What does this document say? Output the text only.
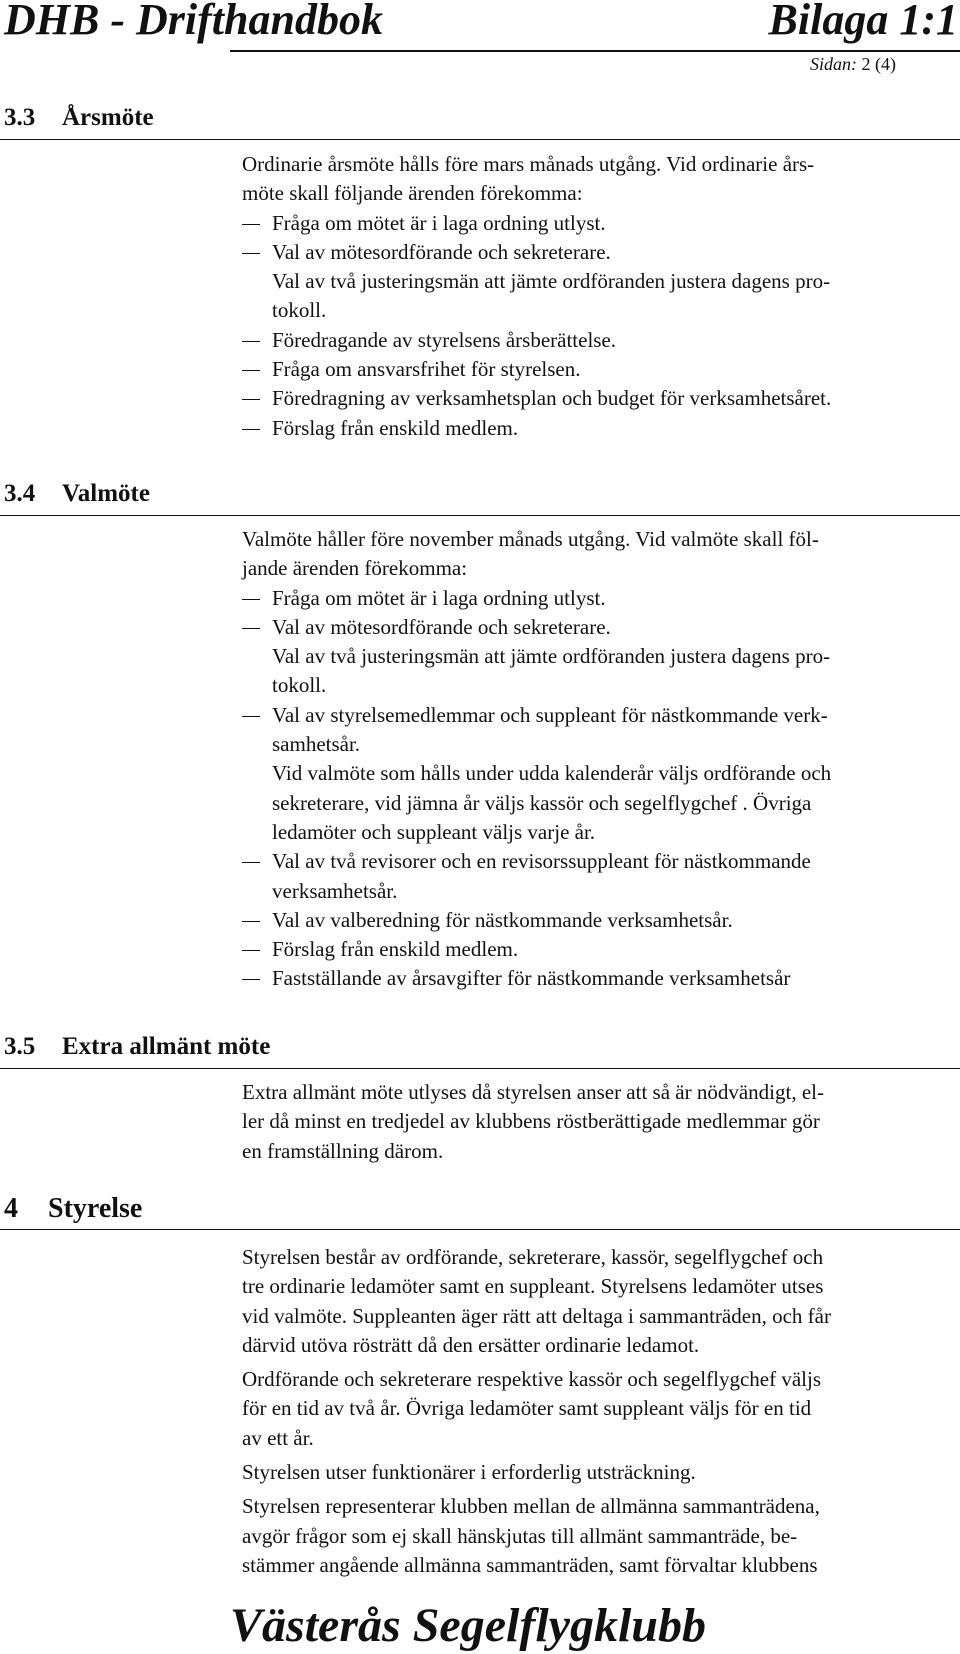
DHB - Drifthandbok	Bilaga 1:1
Sidan: 2 (4)
3.3 Årsmöte

Ordinarie årsmöte hålls före mars månads utgång. Vid ordinarie års-

möte skall följande ärenden förekomma:

Fråga om mötet är i laga ordning utlyst.
Val av mötesordförande och sekreterare.
Val av två justeringsmän att jämte ordföranden justera dagens pro-
tokoll.
Föredragande av styrelsens årsberättelse.
Fråga om ansvarsfrihet för styrelsen.
Föredragning av verksamhetsplan och budget för verksamhetsåret.
Förslag från enskild medlem.
3.4 Valmöte

Valmöte håller före november månads utgång. Vid valmöte skall föl-

jande ärenden förekomma:

Fråga om mötet är i laga ordning utlyst.
Val av mötesordförande och sekreterare.
Val av två justeringsmän att jämte ordföranden justera dagens pro-
tokoll.
Val av styrelsemedlemmar och suppleant för nästkommande verk-
samhetsår.
Vid valmöte som hålls under udda kalenderår väljs ordförande och
sekreterare, vid jämna år väljs kassör och segelflygchef . Övriga
ledamöter och suppleant väljs varje år.
Val av två revisorer och en revisorssuppleant för nästkommande
verksamhetsår.
Val av valberedning för nästkommande verksamhetsår.
Förslag från enskild medlem.
Fastställande av årsavgifter för nästkommande verksamhetsår
3.5 Extra allmänt möte

Extra allmänt möte utlyses då styrelsen anser att så är nödvändigt, el-

ler då minst en tredjedel av klubbens röstberättigade medlemmar gör

en framställning därom.

4 Styrelse

Styrelsen består av ordförande, sekreterare, kassör, segelflygchef och

tre ordinarie ledamöter samt en suppleant. Styrelsens ledamöter utses

vid valmöte. Suppleanten äger rätt att deltaga i sammanträden, och får

därvid utöva rösträtt då den ersätter ordinarie ledamot.

Ordförande och sekreterare respektive kassör och segelflygchef väljs

för en tid av två år. Övriga ledamöter samt suppleant väljs för en tid

av ett år.

Styrelsen utser funktionärer i erforderlig utsträckning.

Styrelsen representerar klubben mellan de allmänna sammanträdena,

avgör frågor som ej skall hänskjutas till allmänt sammanträde, be-

stämmer angående allmänna sammanträden, samt förvaltar klubbens

Västerås Segelflygklubb
